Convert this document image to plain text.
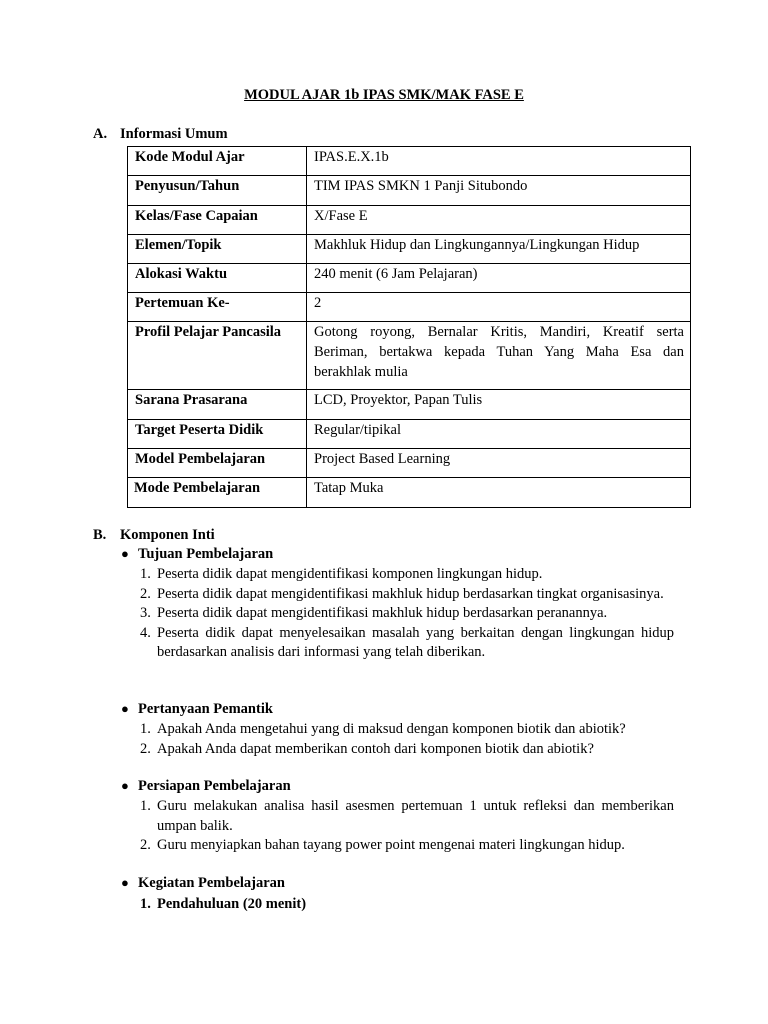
MODUL AJAR 1b IPAS SMK/MAK FASE E
A. Informasi Umum
Kode Modul Ajar	IPAS.E.X.1b
Penyusun/Tahun	TIM IPAS SMKN 1 Panji Situbondo
Kelas/Fase Capaian	X/Fase E
Elemen/Topik	Makhluk Hidup dan Lingkungannya/Lingkungan Hidup
Alokasi Waktu	240 menit (6 Jam Pelajaran)
Pertemuan Ke-	2
Profil Pelajar Pancasila	Gotong royong, Bernalar Kritis, Mandiri, Kreatif serta Beriman, bertakwa kepada Tuhan Yang Maha Esa dan berakhlak mulia
Sarana Prasarana	LCD, Proyektor, Papan Tulis
Target Peserta Didik	Regular/tipikal
Model Pembelajaran	Project Based Learning
Mode Pembelajaran	Tatap Muka
B. Komponen Inti
● Tujuan Pembelajaran
1. Peserta didik dapat mengidentifikasi komponen lingkungan hidup.
2. Peserta didik dapat mengidentifikasi makhluk hidup berdasarkan tingkat organisasinya.
3. Peserta didik dapat mengidentifikasi makhluk hidup berdasarkan peranannya.
4. Peserta didik dapat menyelesaikan masalah yang berkaitan dengan lingkungan hidup berdasarkan analisis dari informasi yang telah diberikan.
● Pertanyaan Pemantik
1. Apakah Anda mengetahui yang di maksud dengan komponen biotik dan abiotik?
2. Apakah Anda dapat memberikan contoh dari komponen biotik dan abiotik?
● Persiapan Pembelajaran
1. Guru melakukan analisa hasil asesmen pertemuan 1 untuk refleksi dan memberikan umpan balik.
2. Guru menyiapkan bahan tayang power point mengenai materi lingkungan hidup.
● Kegiatan Pembelajaran
1. Pendahuluan (20 menit)
